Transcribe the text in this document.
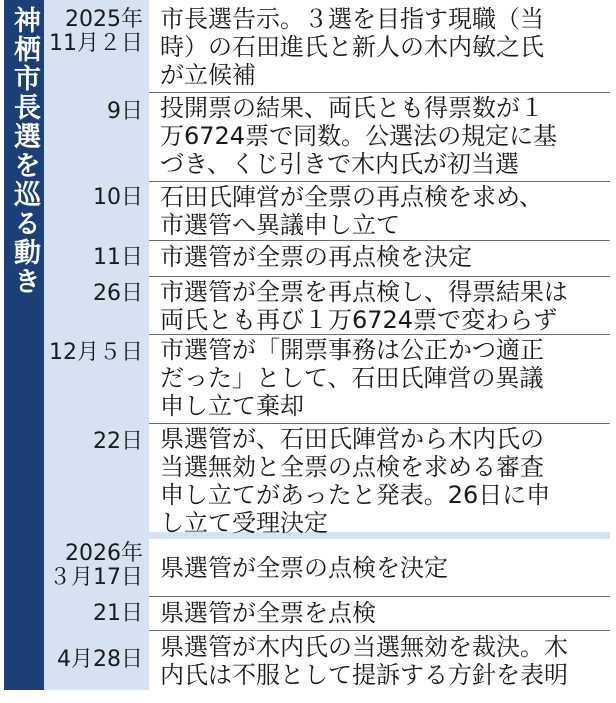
神栖市長選を巡る動き	2025年
11月２日
市長選告示。３選を目指す現職（当
時）の石田進氏と新人の木内敏之氏
が立候補
9日 投開票の結果、両氏とも得票数が１
万6724票で同数。公選法の規定に基
づき、くじ引きで木内氏が初当選
10日 石田氏陣営が全票の再点検を求め、
市選管へ異議申し立て
11日 市選管が全票の再点検を決定
26日 市選管が全票を再点検し、得票結果は
両氏とも再び１万6724票で変わらず
12月５日 市選管が「開票事務は公正かつ適正
だった」として、石田氏陣営の異議
申し立て棄却
22日 県選管が、石田氏陣営から木内氏の
当選無効と全票の点検を求める審査
申し立てがあったと発表。26日に申
し立て受理決定
2026年
３月17日 県選管が全票の点検を決定
21日 県選管が全票を点検
4月28日 県選管が木内氏の当選無効を裁決。木
内氏は不服として提訴する方針を表明
